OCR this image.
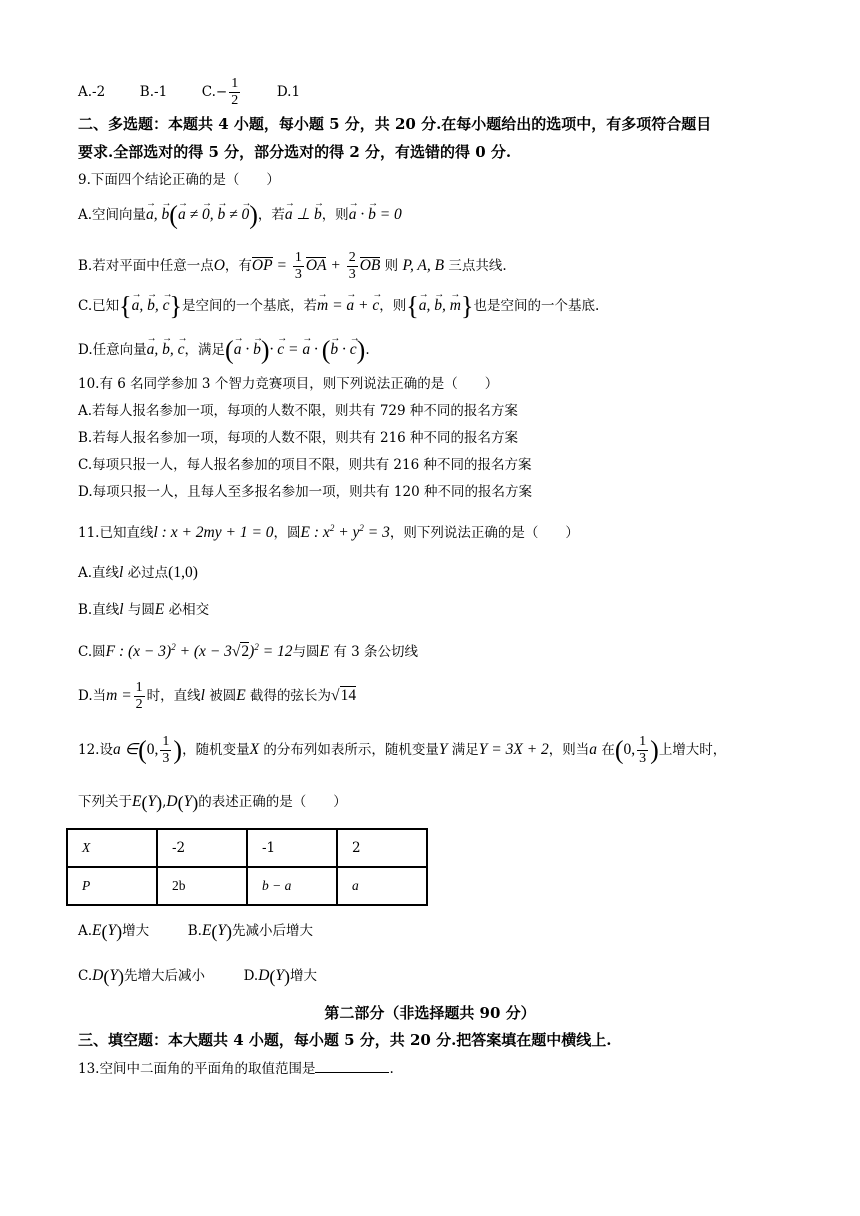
A.-2	B.-1	$C.- \frac{1}{2}$	D.1
二、多选题：本题共 4 小题，每小题 5 分，共 20 分.在每小题给出的选项中，有多项符合题目
要求.全部选对的得 5 分，部分选对的得 2 分，有选错的得 0 分.
9.下面四个结论正确的是（　　）
A.空间向量→ a, → b(→ a ≠ → 0, → b ≠ → 0)，若→ a ⊥ → b，则→ a · → b = 0
B.若对平面中任意一点O，有OP = $\frac{1}{3}$ OA + $\frac{2}{3}$ OB 则 P, A, B 三点共线.
C.已知{→ a, → b, → c}是空间的一个基底，若→ m = → a + → c，则{→ a, → b, → m}也是空间的一个基底.
D.任意向量→ a, → b, → c，满足(→ a · → b)· → c = → a · (→ b · → c).
10.有 6 名同学参加 3 个智力竞赛项目，则下列说法正确的是（　　）
A.若每人报名参加一项，每项的人数不限，则共有 729 种不同的报名方案
B.若每人报名参加一项，每项的人数不限，则共有 216 种不同的报名方案
C.每项只报一人，每人报名参加的项目不限，则共有 216 种不同的报名方案
D.每项只报一人，且每人至多报名参加一项，则共有 120 种不同的报名方案
11.已知直线l : x + 2my + 1 = 0，圆E : $x^2 + y^2 = 3$，则下列说法正确的是（　　）
A.直线l 必过点(1,0)
B.直线l 与圆E 必相交
C.圆F : $(x - 3)^2 + (x - 3√2)^2 = 12$与圆E 有 3 条公切线
D.当$m = \frac{1}{2}$ 时，直线l 被圆E 截得的弦长为√14
12.设a ∈(0, $\frac{1}{3}$ )，随机变量X 的分布列如表所示，随机变量Y 满足Y = 3X + 2，则当a 在(0, $\frac{1}{3}$ )上增大时，
下列关于E(Y),D(Y)的表述正确的是（　　）
X	-2	-1	2
P	2b	b − a	a
A.E(Y)增大	B.E(Y)先减小后增大
C.D(Y)先增大后减小	D.D(Y)增大
第二部分（非选择题共 90 分）
三、填空题：本大题共 4 小题，每小题 5 分，共 20 分.把答案填在题中横线上.
13.空间中二面角的平面角的取值范围是	.
